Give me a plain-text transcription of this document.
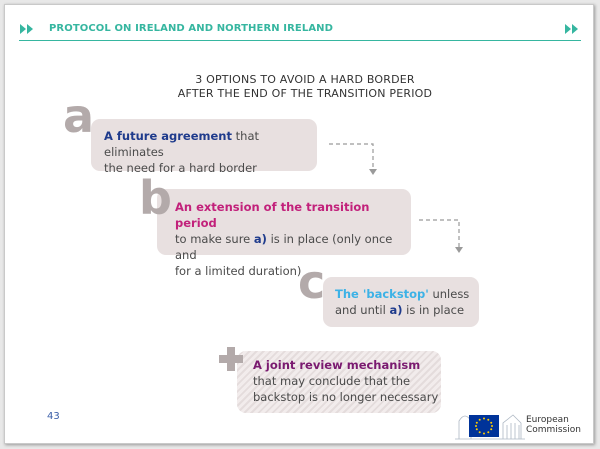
PROTOCOL ON IRELAND AND NORTHERN IRELAND
3 OPTIONS TO AVOID A HARD BORDER
AFTER THE END OF THE TRANSITION PERIOD
A future agreement that eliminates
the need for a hard border
a
An extension of the transition period
to make sure a) is in place (only once and
for a limited duration)
b
The 'backstop' unless
and until a) is in place
c
A joint review mechanism
that may conclude that the
backstop is no longer necessary
43	European
Commission
